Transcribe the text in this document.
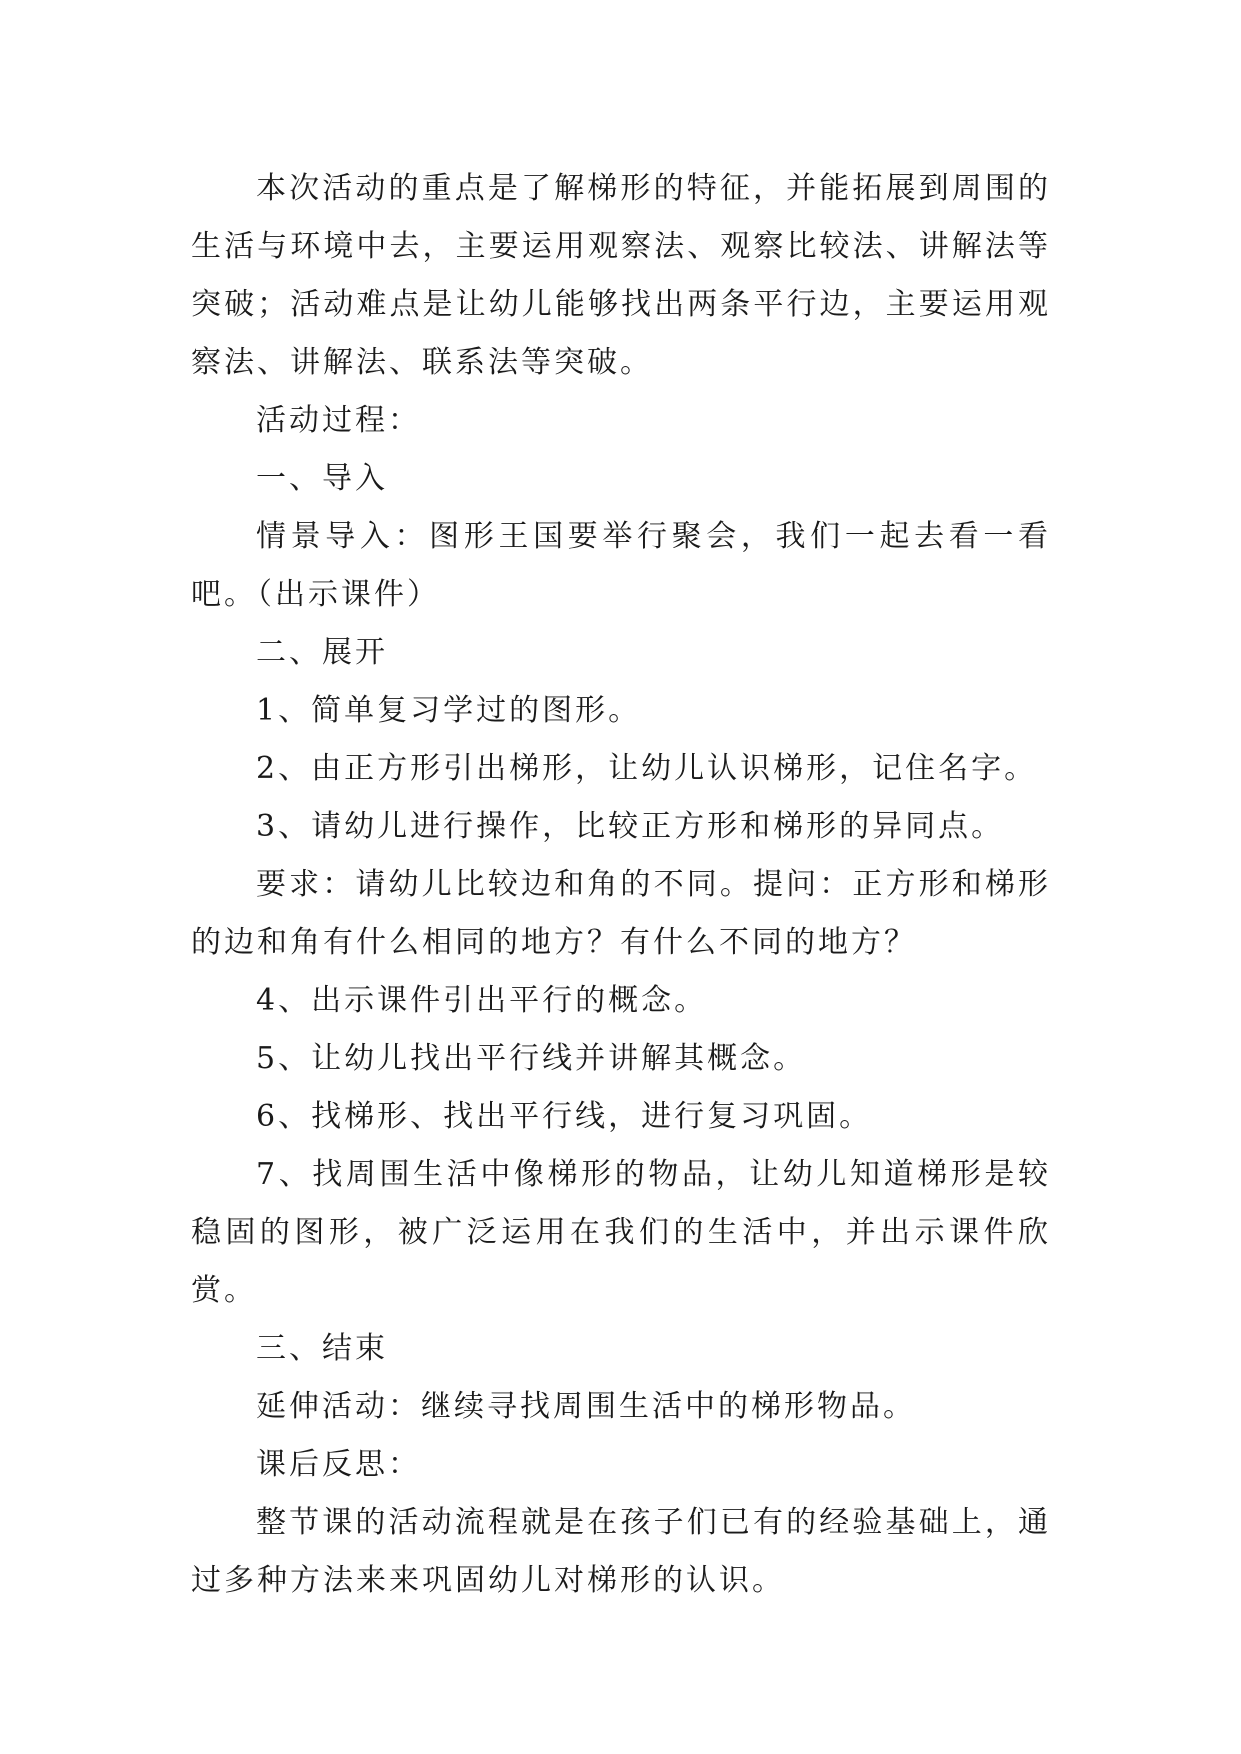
本次活动的重点是了解梯形的特征，并能拓展到周围的生活与环境中去，主要运用观察法、观察比较法、讲解法等突破；活动难点是让幼儿能够找出两条平行边，主要运用观察法、讲解法、联系法等突破。

活动过程：

一、导入

情景导入：图形王国要举行聚会，我们一起去看一看吧。（出示课件）

二、展开

1、简单复习学过的图形。

2、由正方形引出梯形，让幼儿认识梯形，记住名字。

3、请幼儿进行操作，比较正方形和梯形的异同点。

要求：请幼儿比较边和角的不同。提问：正方形和梯形的边和角有什么相同的地方？有什么不同的地方？

4、出示课件引出平行的概念。

5、让幼儿找出平行线并讲解其概念。

6、找梯形、找出平行线，进行复习巩固。

7、找周围生活中像梯形的物品，让幼儿知道梯形是较稳固的图形，被广泛运用在我们的生活中，并出示课件欣赏。

三、结束

延伸活动：继续寻找周围生活中的梯形物品。

课后反思：

整节课的活动流程就是在孩子们已有的经验基础上，通过多种方法来来巩固幼儿对梯形的认识。
